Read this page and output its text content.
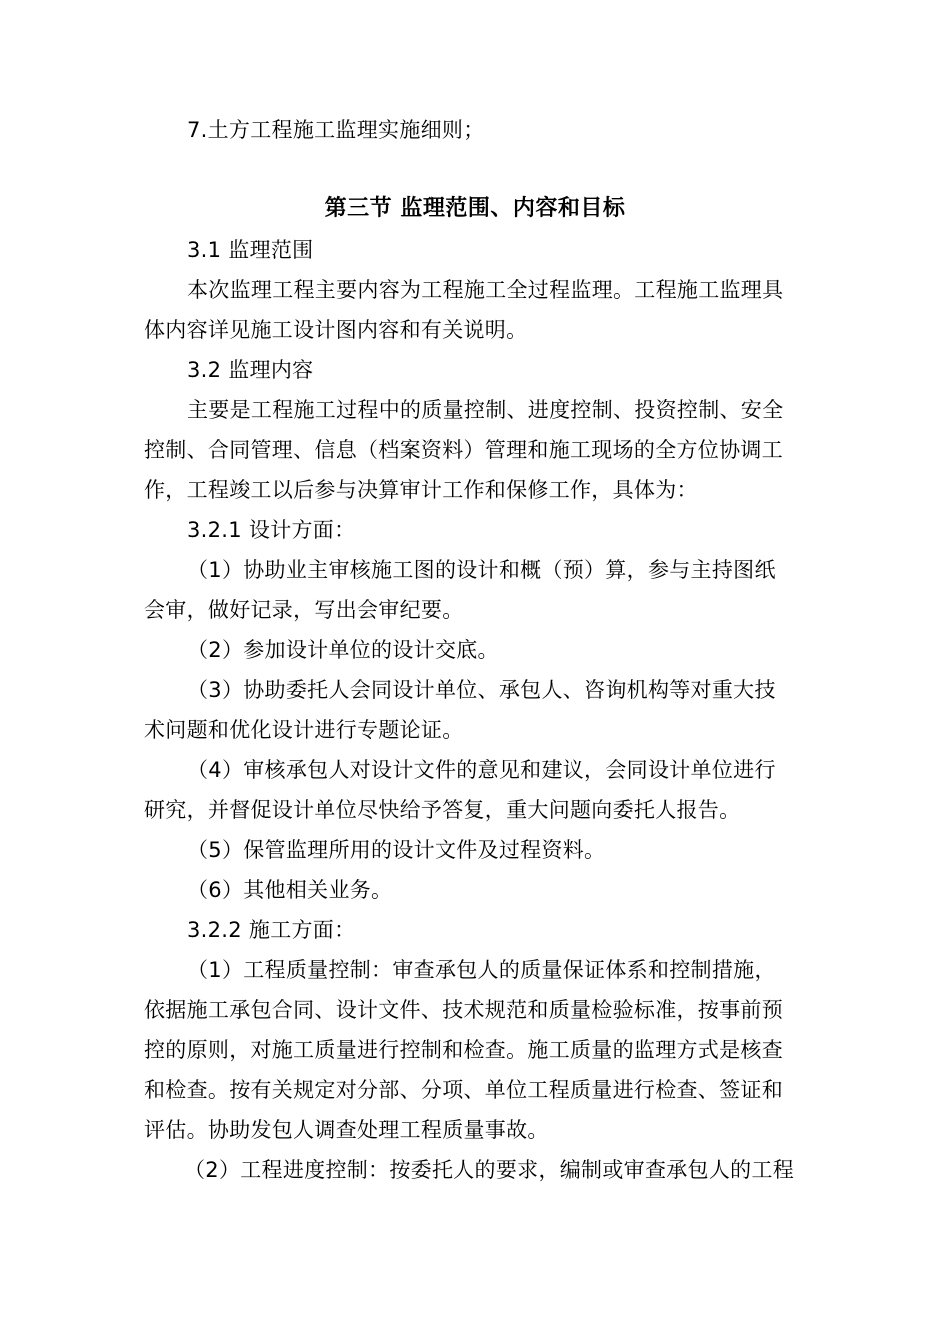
7.土方工程施工监理实施细则；
第三节 监理范围、内容和目标
3.1 监理范围
本次监理工程主要内容为工程施工全过程监理。工程施工监理具
体内容详见施工设计图内容和有关说明。
3.2 监理内容
主要是工程施工过程中的质量控制、进度控制、投资控制、安全
控制、合同管理、信息（档案资料）管理和施工现场的全方位协调工
作，工程竣工以后参与决算审计工作和保修工作，具体为：
3.2.1 设计方面：
（1）协助业主审核施工图的设计和概（预）算，参与主持图纸
会审，做好记录，写出会审纪要。
（2）参加设计单位的设计交底。
（3）协助委托人会同设计单位、承包人、咨询机构等对重大技
术问题和优化设计进行专题论证。
（4）审核承包人对设计文件的意见和建议，会同设计单位进行
研究，并督促设计单位尽快给予答复，重大问题向委托人报告。
（5）保管监理所用的设计文件及过程资料。
（6）其他相关业务。
3.2.2 施工方面：
（1）工程质量控制：审查承包人的质量保证体系和控制措施，
依据施工承包合同、设计文件、技术规范和质量检验标准，按事前预
控的原则，对施工质量进行控制和检查。施工质量的监理方式是核查
和检查。按有关规定对分部、分项、单位工程质量进行检查、签证和
评估。协助发包人调查处理工程质量事故。
（2）工程进度控制：按委托人的要求，编制或审查承包人的工程
